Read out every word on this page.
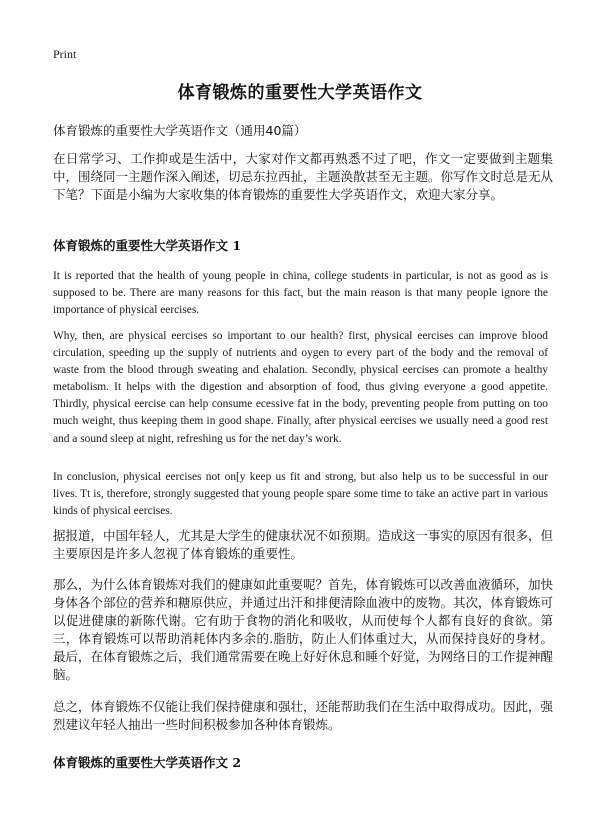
Print
体育锻炼的重要性大学英语作文
体育锻炼的重要性大学英语作文（通用40篇）
在日常学习、工作抑或是生活中，大家对作文都再熟悉不过了吧，作文一定要做到主题集中，围绕同一主题作深入阐述，切忌东拉西扯，主题涣散甚至无主题。你写作文时总是无从下笔？下面是小编为大家收集的体育锻炼的重要性大学英语作文，欢迎大家分享。
体育锻炼的重要性大学英语作文 1
It is reported that the health of young people in china, college students in particular, is not as good as is supposed to be. There are many reasons for this fact, but the main reason is that many people ignore the importance of physical eercises.
Why, then, are physical eercises so important to our health? first, physical eercises can improve blood circulation, speeding up the supply of nutrients and oygen to every part of the body and the removal of waste from the blood through sweating and ehalation. Secondly, physical eercises can promote a healthy metabolism. It helps with the digestion and absorption of food, thus giving everyone a good appetite. Thirdly, physical eercise can help consume ecessive fat in the body, preventing people from putting on too much weight, thus keeping them in good shape. Finally, after physical eercises we usually need a good rest and a sound sleep at night, refreshing us for the net day’s work.
In conclusion, physical eercises not on[y keep us fit and strong, but also help us to be successful in our lives. Tt is, therefore, strongly suggested that young people spare some time to take an active part in various kinds of physical eercises.
据报道，中国年轻人，尤其是大学生的健康状况不如预期。造成这一事实的原因有很多，但主要原因是许多人忽视了体育锻炼的重要性。
那么，为什么体育锻炼对我们的健康如此重要呢？首先，体育锻炼可以改善血液循环，加快身体各个部位的营养和糖原供应，并通过出汗和排便清除血液中的废物。其次，体育锻炼可以促进健康的新陈代谢。它有助于食物的消化和吸收，从而使每个人都有良好的食欲。第三，体育锻炼可以帮助消耗体内多余的.脂肪，防止人们体重过大，从而保持良好的身材。最后，在体育锻炼之后，我们通常需要在晚上好好休息和睡个好觉，为网络日的工作提神醒脑。
总之，体育锻炼不仅能让我们保持健康和强壮，还能帮助我们在生活中取得成功。因此，强烈建议年轻人抽出一些时间积极参加各种体育锻炼。
体育锻炼的重要性大学英语作文 2
